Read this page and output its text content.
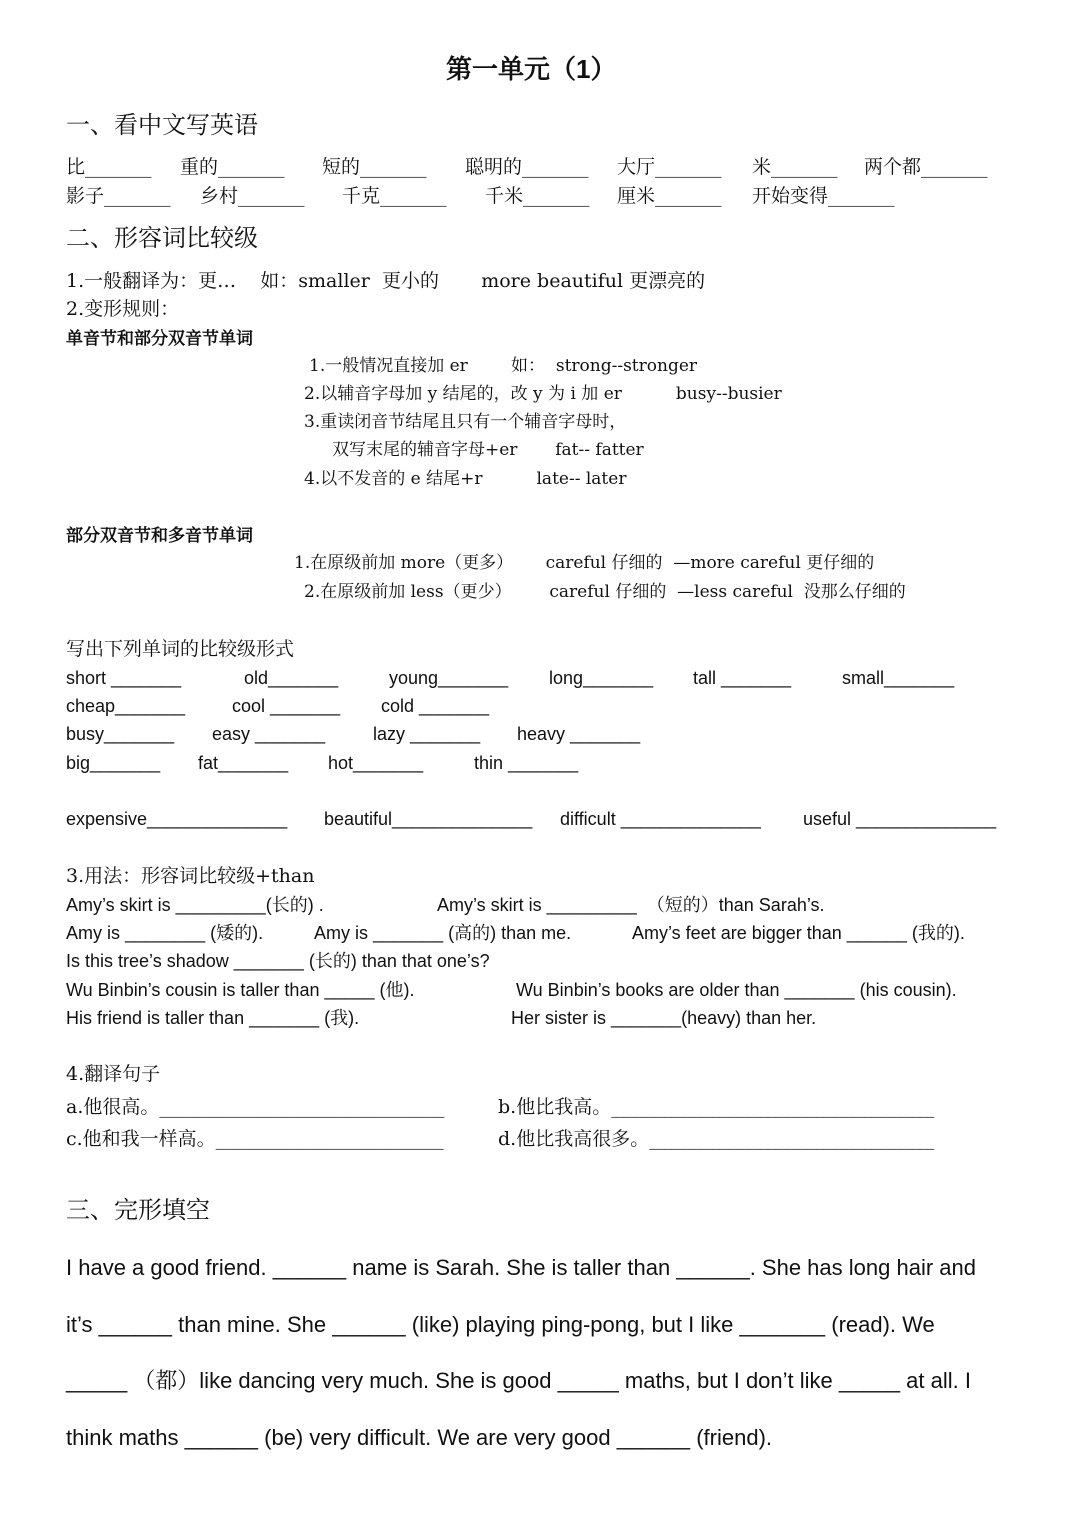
第一单元（1）
一、看中文写英语
比_______ 重的_______ 短的_______ 聪明的_______ 大厅_______ 米_______ 两个都_______
影子_______ 乡村_______ 千克_______ 千米_______ 厘米_______ 开始变得_______
二、形容词比较级
1.一般翻译为：更…    如：smaller  更小的       more beautiful 更漂亮的
2.变形规则：
单音节和部分双音节单词
1.一般情况直接加 er        如：  strong--stronger
2.以辅音字母加 y 结尾的，改 y 为 i 加 er          busy--busier
3.重读闭音节结尾且只有一个辅音字母时，
双写末尾的辅音字母+er       fat-- fatter
4.以不发音的 e 结尾+r          late-- later
部分双音节和多音节单词
1.在原级前加 more（更多）      careful 仔细的  —more careful 更仔细的
2.在原级前加 less（更少）       careful 仔细的  —less careful  没那么仔细的
写出下列单词的比较级形式
short _______	old_______	young_______ long_______ tall _______	small_______
cheap_______	cool _______ cold _______
busy_______ easy _______	lazy _______ heavy _______
big_______ fat_______ hot_______	thin _______
expensive______________ beautiful______________ difficult ______________ useful ______________
3.用法：形容词比较级+than
Amy’s skirt is _________(长的) .	Amy’s skirt is _________  （短的）than Sarah’s.
Amy is ________ (矮的).	Amy is _______ (高的) than me.	Amy’s feet are bigger than ______ (我的).
Is this tree’s shadow _______ (长的) than that one’s?
Wu Binbin’s cousin is taller than _____ (他).	Wu Binbin’s books are older than _______ (his cousin).
His friend is taller than _______ (我).	Her sister is _______(heavy) than her.
4.翻译句子
a.他很高。______________________________	b.他比我高。__________________________________
c.他和我一样高。________________________	d.他比我高很多。______________________________
三、完形填空
I have a good friend. ______ name is Sarah. She is taller than ______. She has long hair and
it’s ______ than mine. She ______ (like) playing ping-pong, but I like _______ (read). We
_____ （都）like dancing very much. She is good _____ maths, but I don’t like _____ at all. I
think maths ______ (be) very difficult. We are very good ______ (friend).
